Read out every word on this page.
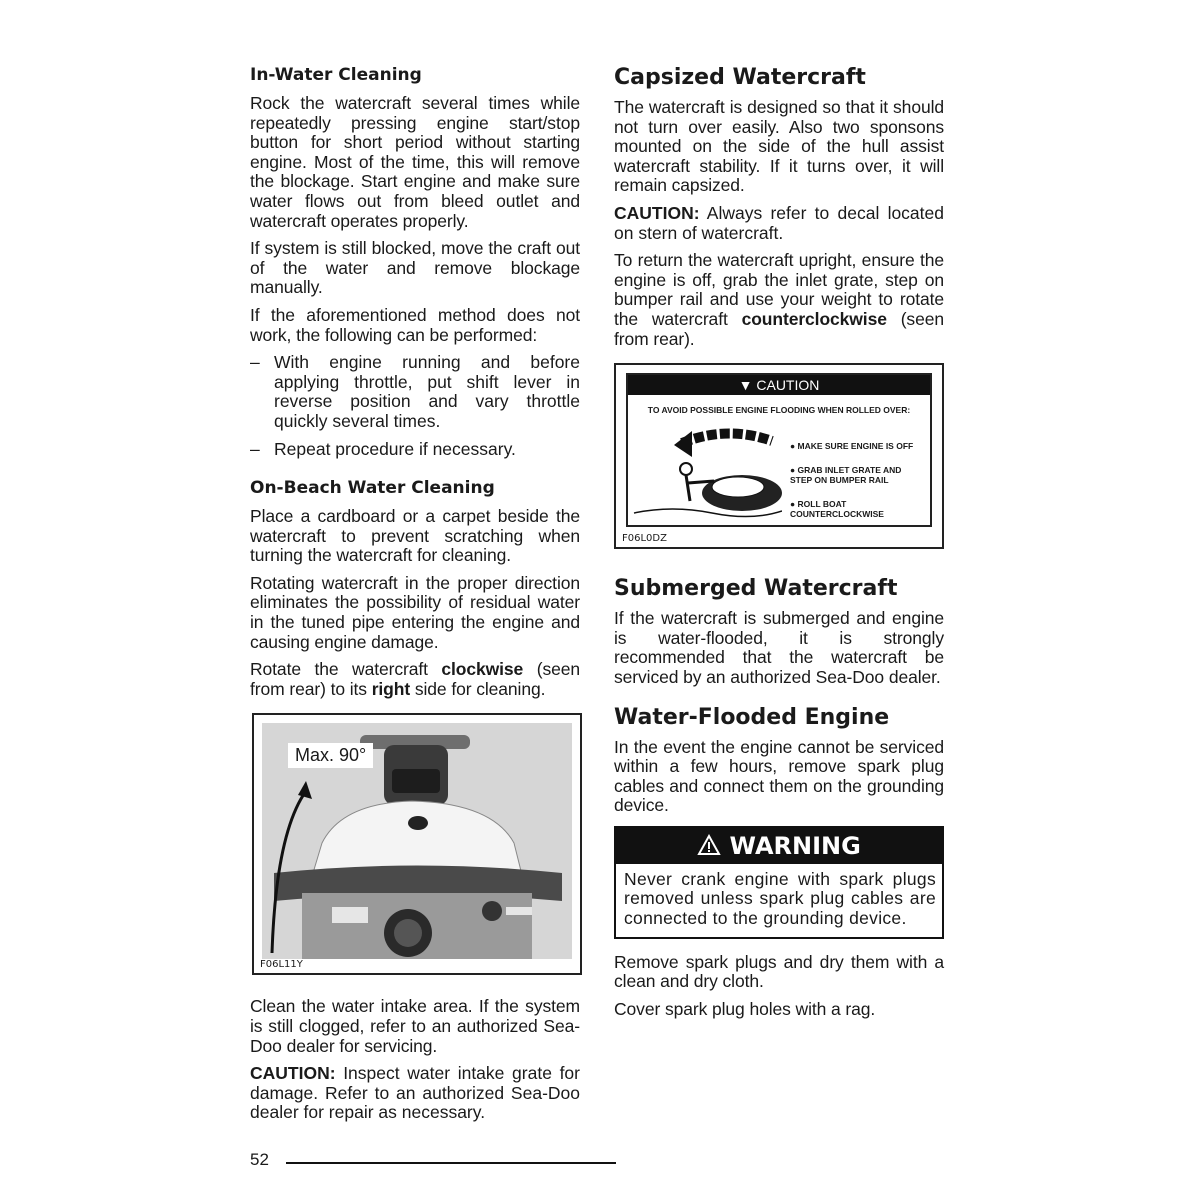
In-Water Cleaning

Rock the watercraft several times while repeatedly pressing engine start/stop button for short period without starting engine. Most of the time, this will remove the blockage. Start engine and make sure water flows out from bleed outlet and watercraft operates properly.

If system is still blocked, move the craft out of the water and remove blockage manually.

If the aforementioned method does not work, the following can be performed:

– With engine running and before applying throttle, put shift lever in reverse position and vary throttle quickly several times.
– Repeat procedure if necessary.
On-Beach Water Cleaning

Place a cardboard or a carpet beside the watercraft to prevent scratching when turning the watercraft for cleaning.

Rotating watercraft in the proper direction eliminates the possibility of residual water in the tuned pipe entering the engine and causing engine damage.

Rotate the watercraft clockwise (seen from rear) to its right side for cleaning.

Max. 90°
F06L11Y

Clean the water intake area. If the system is still clogged, refer to an authorized Sea-Doo dealer for servicing.

CAUTION: Inspect water intake grate for damage. Refer to an authorized Sea-Doo dealer for repair as necessary.

Capsized Watercraft

The watercraft is designed so that it should not turn over easily. Also two sponsons mounted on the side of the hull assist watercraft stability. If it turns over, it will remain capsized.

CAUTION: Always refer to decal located on stern of watercraft.

To return the watercraft upright, ensure the engine is off, grab the inlet grate, step on bumper rail and use your weight to rotate the watercraft counterclockwise (seen from rear).

▼ CAUTION
TO AVOID POSSIBLE ENGINE FLOODING WHEN ROLLED OVER:
● MAKE SURE ENGINE IS OFF
● GRAB INLET GRATE AND STEP ON BUMPER RAIL
● ROLL BOAT COUNTERCLOCKWISE
F06L0DZ
Submerged Watercraft

If the watercraft is submerged and engine is water-flooded, it is strongly recommended that the watercraft be serviced by an authorized Sea-Doo dealer.

Water-Flooded Engine

In the event the engine cannot be serviced within a few hours, remove spark plug cables and connect them on the grounding device.

WARNING
Never crank engine with spark plugs removed unless spark plug cables are connected to the grounding device.

Remove spark plugs and dry them with a clean and dry cloth.

Cover spark plug holes with a rag.

52
